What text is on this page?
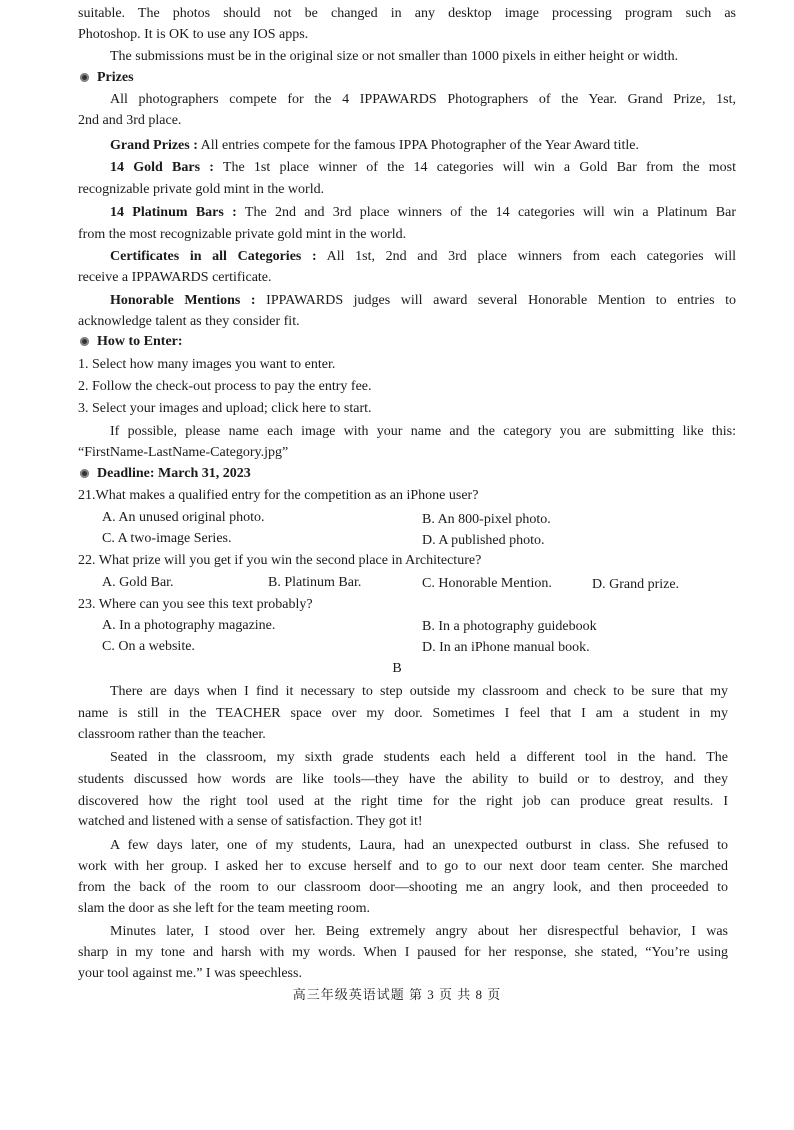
suitable. The photos should not be changed in any desktop image processing program such as
Photoshop. It is OK to use any IOS apps.
The submissions must be in the original size or not smaller than 1000 pixels in either height or width.
Prizes
All photographers compete for the 4 IPPAWARDS Photographers of the Year. Grand Prize, 1st,
2nd and 3rd place.
Grand Prizes : All entries compete for the famous IPPA Photographer of the Year Award title.
14 Gold Bars : The 1st place winner of the 14 categories will win a Gold Bar from the most
recognizable private gold mint in the world.
14 Platinum Bars : The 2nd and 3rd place winners of the 14 categories will win a Platinum Bar
from the most recognizable private gold mint in the world.
Certificates in all Categories : All 1st, 2nd and 3rd place winners from each categories will
receive a IPPAWARDS certificate.
Honorable Mentions : IPPAWARDS judges will award several Honorable Mention to entries to
acknowledge talent as they consider fit.
How to Enter:
1. Select how many images you want to enter.
2. Follow the check-out process to pay the entry fee.
3. Select your images and upload; click here to start.
If possible, please name each image with your name and the category you are submitting like this:
“FirstName-LastName-Category.jpg”
Deadline: March 31, 2023
21.What makes a qualified entry for the competition as an iPhone user?
A. An unused original photo.	B. An 800-pixel photo.
C. A two-image Series.	D. A published photo.
22. What prize will you get if you win the second place in Architecture?
A. Gold Bar.	B. Platinum Bar.	C. Honorable Mention.	D. Grand prize.
23. Where can you see this text probably?
A. In a photography magazine.	B. In a photography guidebook
C. On a website.	D. In an iPhone manual book.
B
There are days when I find it necessary to step outside my classroom and check to be sure that my
name is still in the TEACHER space over my door. Sometimes I feel that I am a student in my
classroom rather than the teacher.
Seated in the classroom, my sixth grade students each held a different tool in the hand. The
students discussed how words are like tools—they have the ability to build or to destroy, and they
discovered how the right tool used at the right time for the right job can produce great results. I
watched and listened with a sense of satisfaction. They got it!
A few days later, one of my students, Laura, had an unexpected outburst in class. She refused to
work with her group. I asked her to excuse herself and to go to our next door team center. She marched
from the back of the room to our classroom door—shooting me an angry look, and then proceeded to
slam the door as she left for the team meeting room.
Minutes later, I stood over her. Being extremely angry about her disrespectful behavior, I was
sharp in my tone and harsh with my words. When I paused for her response, she stated, “You’re using
your tool against me.” I was speechless.
高三年级英语试题 第 3 页 共 8 页
